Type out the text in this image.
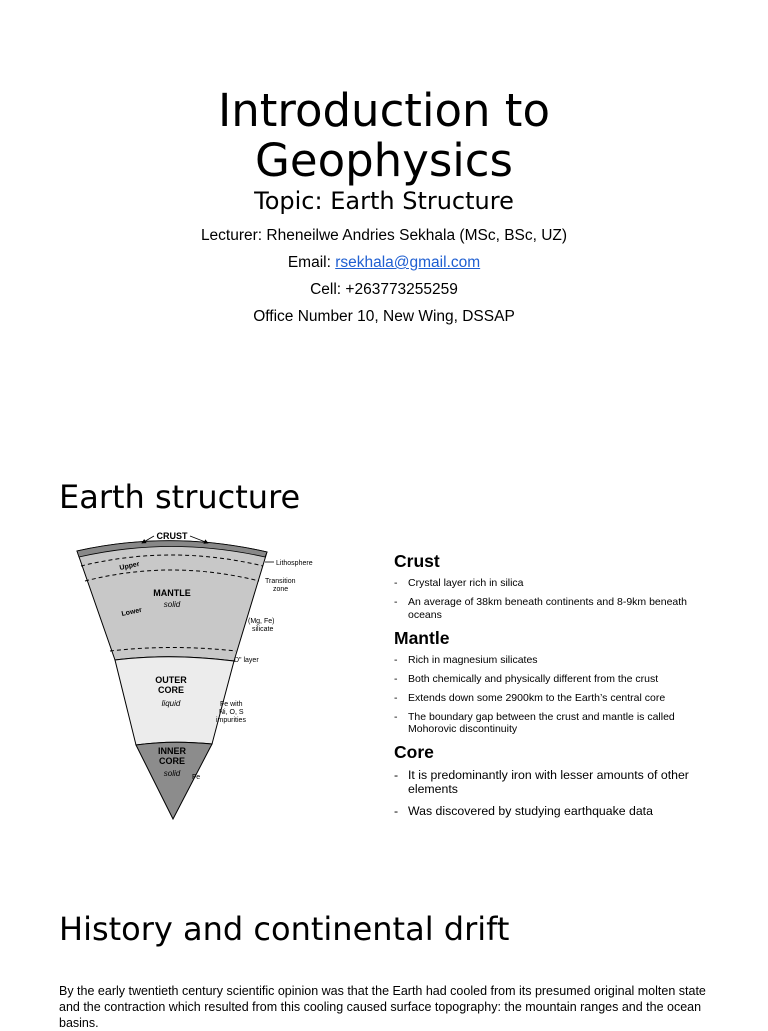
Introduction to
Geophysics

Topic: Earth Structure

Lecturer: Rheneilwe Andries Sekhala (MSc, BSc, UZ)

Email: rsekhala@gmail.com

Cell: +263773255259

Office Number 10, New Wing, DSSAP

Earth structure
CRUST
Lithosphere
Upper
Lower
MANTLE
solid
Transition
zone
(Mg, Fe)
silicate
D" layer
OUTER
CORE
liquid	Fe with
Ni, O, S
impurities
INNER
CORE
solid Fe
Crust
- Crystal layer rich in silica
- An average of 38km beneath continents and 8-9km beneath oceans
Mantle
- Rich in magnesium silicates
- Both chemically and physically different from the crust
- Extends down some 2900km to the Earth’s central core
- The boundary gap between the crust and mantle is called Mohorovic discontinuity
Core
- It is predominantly iron with lesser amounts of other elements
- Was discovered by studying earthquake data
History and continental drift

By the early twentieth century scientific opinion was that the Earth had cooled from its presumed original molten state and the contraction which resulted from this cooling caused surface topography: the mountain ranges and the ocean basins.
